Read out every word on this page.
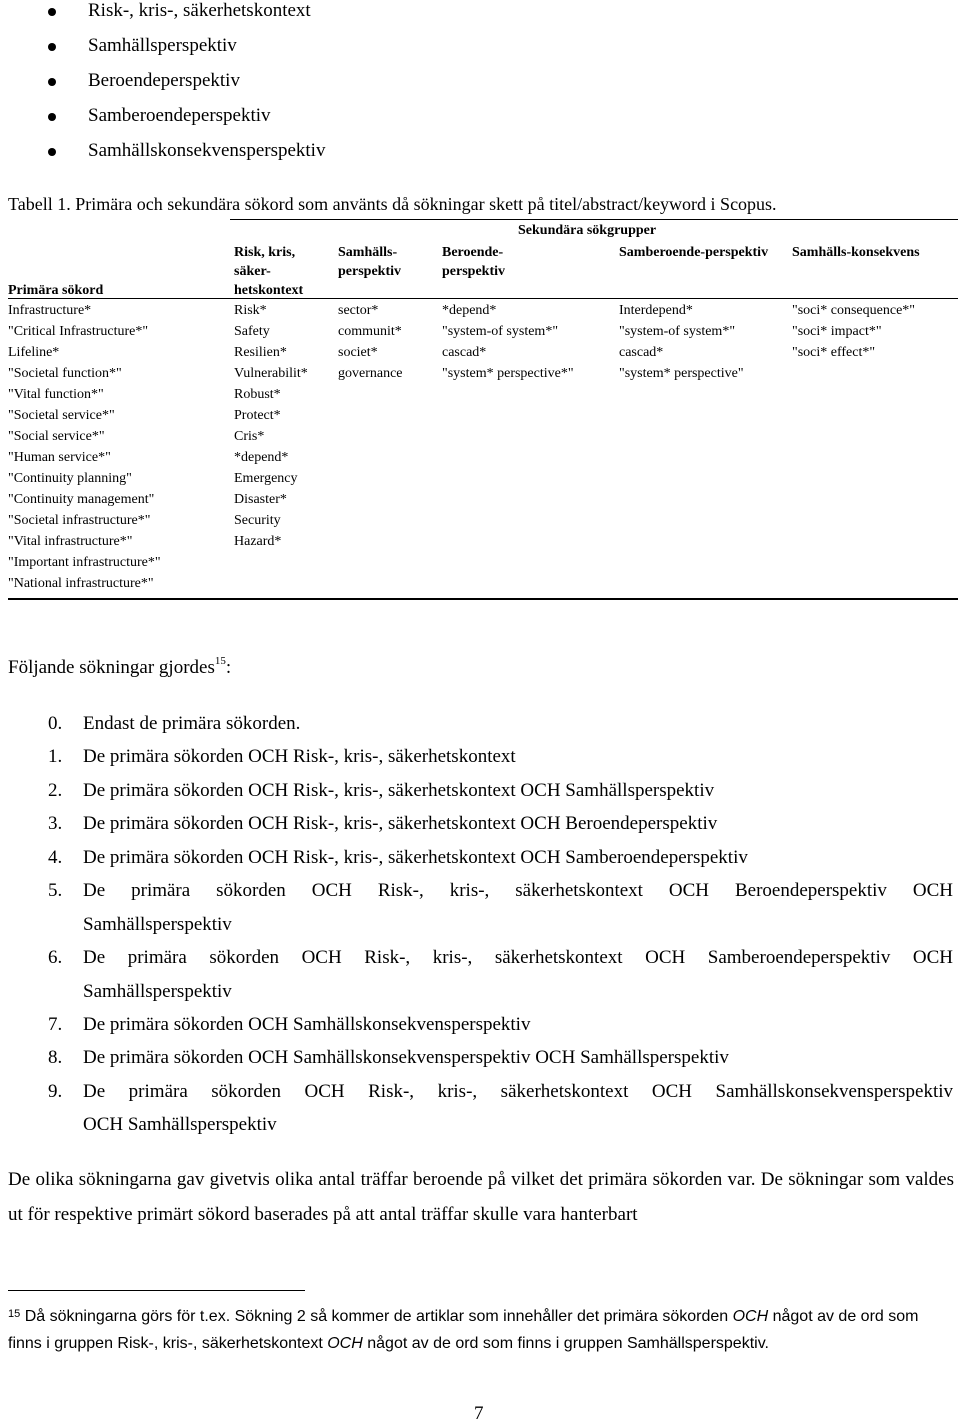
Risk-, kris-, säkerhetskontext
Samhällsperspektiv
Beroendeperspektiv
Samberoendeperspektiv
Samhällskonsekvensperspektiv
Tabell 1. Primära och sekundära sökord som använts då sökningar skett på titel/abstract/keyword i Scopus.
Sekundära sökgrupper
Risk, kris,
säker-
hetskontext
Samhälls-
perspektiv
Beroende-
perspektiv
Samberoende-perspektiv Samhälls-konsekvens
Primära sökord
Infrastructure*
"Critical Infrastructure*"
Lifeline*
"Societal function*"
"Vital function*"
"Societal service*"
"Social service*"
"Human service*"
"Continuity planning"
"Continuity management"
"Societal infrastructure*"
"Vital infrastructure*"
"Important infrastructure*"
"National infrastructure*"
Risk*
Safety
Resilien*
Vulnerabilit*
Robust*
Protect*
Cris*
*depend*
Emergency
Disaster*
Security
Hazard*
sector*
communit*
societ*
governance
*depend*
"system-of system*"
cascad*
"system* perspective*"
Interdepend*
"system-of system*"
cascad*
"system* perspective"
"soci* consequence*"
"soci* impact*"
"soci* effect*"
Följande sökningar gjordes$^{15}$:
0. Endast de primära sökorden.
1. De primära sökorden OCH Risk-, kris-, säkerhetskontext
2. De primära sökorden OCH Risk-, kris-, säkerhetskontext OCH Samhällsperspektiv
3. De primära sökorden OCH Risk-, kris-, säkerhetskontext OCH Beroendeperspektiv
4. De primära sökorden OCH Risk-, kris-, säkerhetskontext OCH Samberoendeperspektiv
5. De primära sökorden OCH Risk-, kris-, säkerhetskontext OCH Beroendeperspektiv OCH
Samhällsperspektiv
6. De primära sökorden OCH Risk-, kris-, säkerhetskontext OCH Samberoendeperspektiv OCH
Samhällsperspektiv
7. De primära sökorden OCH Samhällskonsekvensperspektiv
8. De primära sökorden OCH Samhällskonsekvensperspektiv OCH Samhällsperspektiv
9. De primära sökorden OCH Risk-, kris-, säkerhetskontext OCH Samhällskonsekvensperspektiv
OCH Samhällsperspektiv
De olika sökningarna gav givetvis olika antal träffar beroende på vilket det primära sökorden var. De sökningar som valdes ut för respektive primärt sökord baserades på att antal träffar skulle vara hanterbart
$^{15}$ Då sökningarna görs för t.ex. Sökning 2 så kommer de artiklar som innehåller det primära sökorden OCH något av de ord som finns i gruppen Risk-, kris-, säkerhetskontext OCH något av de ord som finns i gruppen Samhällsperspektiv.
7
